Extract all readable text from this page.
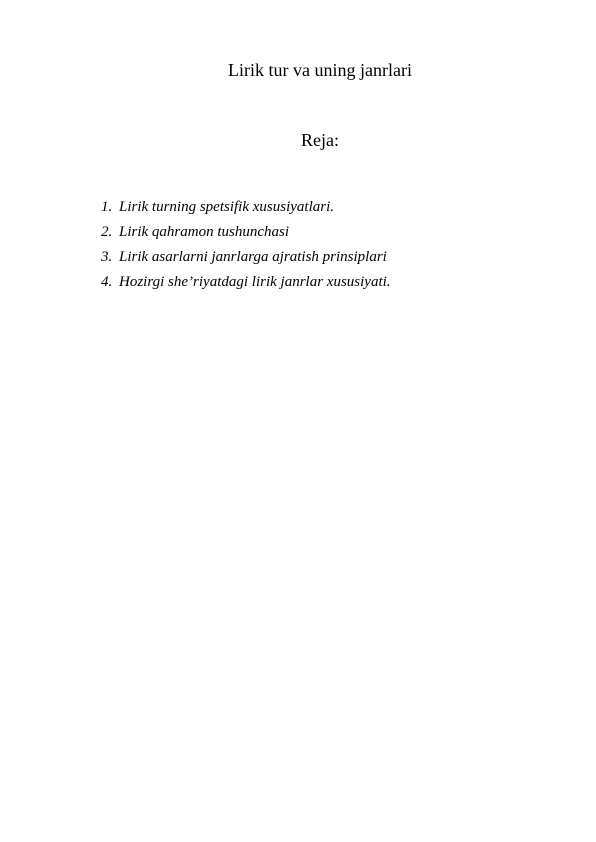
Lirik tur va uning janrlari
Reja:
1. Lirik turning spetsifik xususiyatlari.
2. Lirik qahramon tushunchasi
3. Lirik asarlarni janrlarga ajratish prinsiplari
4. Hozirgi she’riyatdagi lirik janrlar xususiyati.
